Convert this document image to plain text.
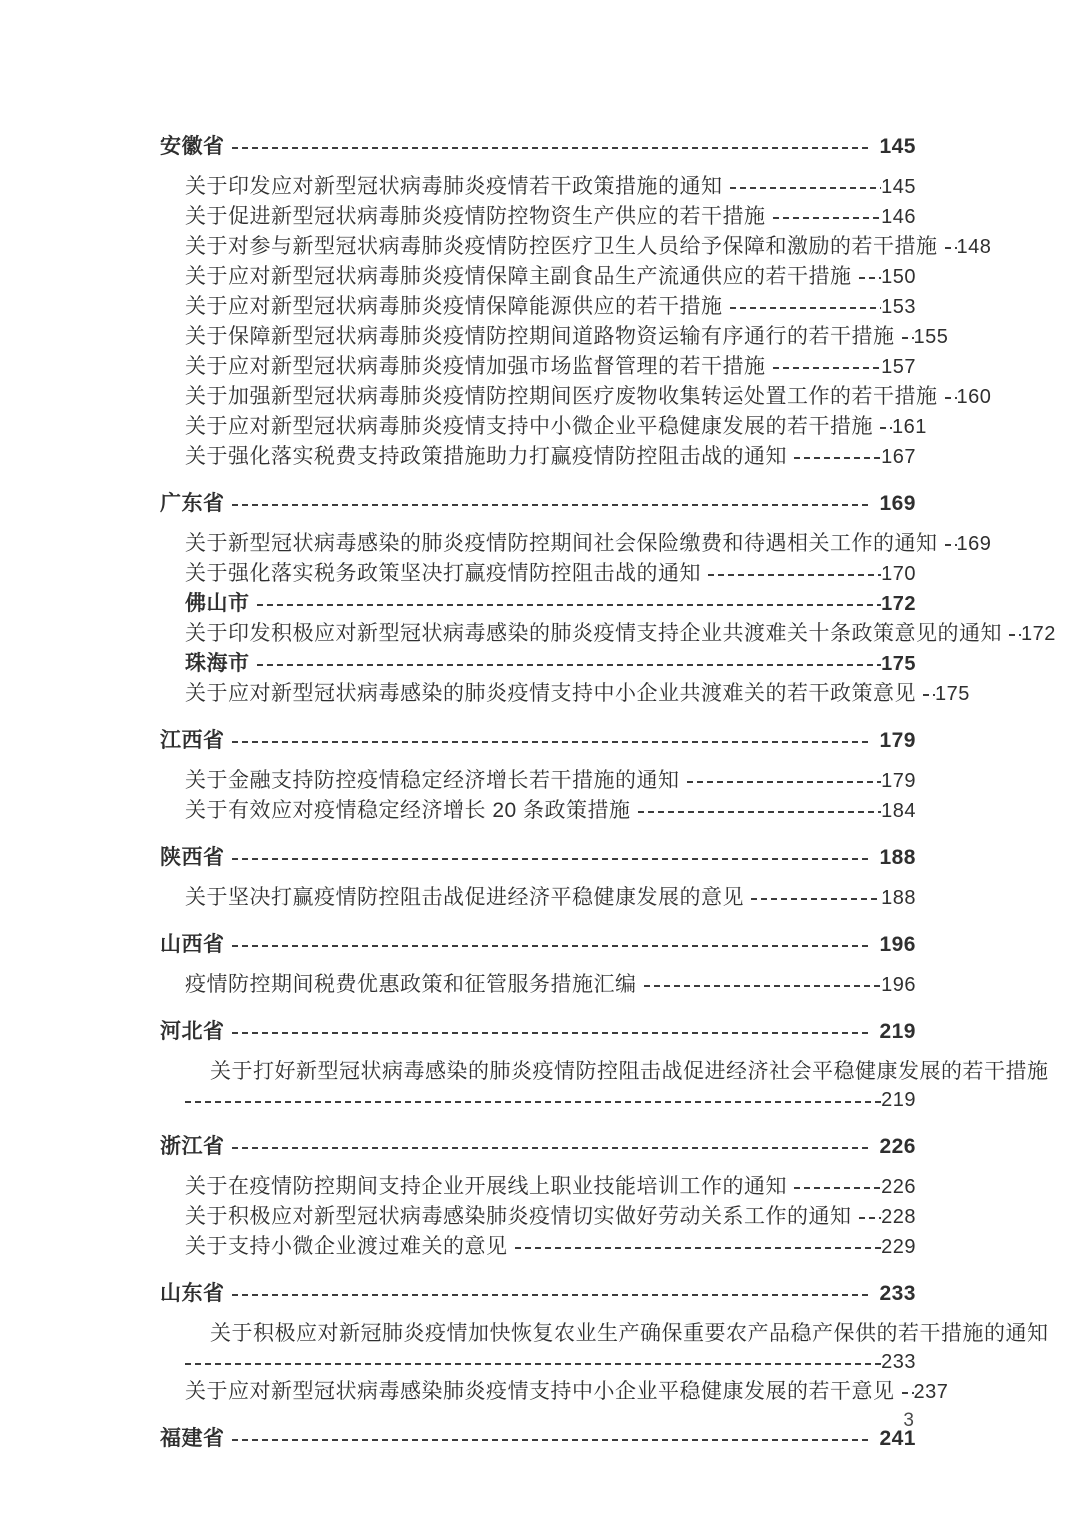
安徽省	145
关于印发应对新型冠状病毒肺炎疫情若干政策措施的通知	145
关于促进新型冠状病毒肺炎疫情防控物资生产供应的若干措施	146
关于对参与新型冠状病毒肺炎疫情防控医疗卫生人员给予保障和激励的若干措施 148
关于应对新型冠状病毒肺炎疫情保障主副食品生产流通供应的若干措施 150
关于应对新型冠状病毒肺炎疫情保障能源供应的若干措施	153
关于保障新型冠状病毒肺炎疫情防控期间道路物资运输有序通行的若干措施 155
关于应对新型冠状病毒肺炎疫情加强市场监督管理的若干措施	157
关于加强新型冠状病毒肺炎疫情防控期间医疗废物收集转运处置工作的若干措施 160
关于应对新型冠状病毒肺炎疫情支持中小微企业平稳健康发展的若干措施 161
关于强化落实税费支持政策措施助力打赢疫情防控阻击战的通知	167
广东省	169
关于新型冠状病毒感染的肺炎疫情防控期间社会保险缴费和待遇相关工作的通知 169
关于强化落实税务政策坚决打赢疫情防控阻击战的通知	170
佛山市	172
关于印发积极应对新型冠状病毒感染的肺炎疫情支持企业共渡难关十条政策意见的通知 172
珠海市	175
关于应对新型冠状病毒感染的肺炎疫情支持中小企业共渡难关的若干政策意见 175
江西省	179
关于金融支持防控疫情稳定经济增长若干措施的通知	179
关于有效应对疫情稳定经济增长 20 条政策措施	184
陕西省	188
关于坚决打赢疫情防控阻击战促进经济平稳健康发展的意见	188
山西省	196
疫情防控期间税费优惠政策和征管服务措施汇编	196
河北省	219
关于打好新型冠状病毒感染的肺炎疫情防控阻击战促进经济社会平稳健康发展的若干措施
219
浙江省	226
关于在疫情防控期间支持企业开展线上职业技能培训工作的通知	226
关于积极应对新型冠状病毒感染肺炎疫情切实做好劳动关系工作的通知 228
关于支持小微企业渡过难关的意见	229
山东省	233
关于积极应对新冠肺炎疫情加快恢复农业生产确保重要农产品稳产保供的若干措施的通知
233
关于应对新型冠状病毒感染肺炎疫情支持中小企业平稳健康发展的若干意见 237
福建省	241
3
